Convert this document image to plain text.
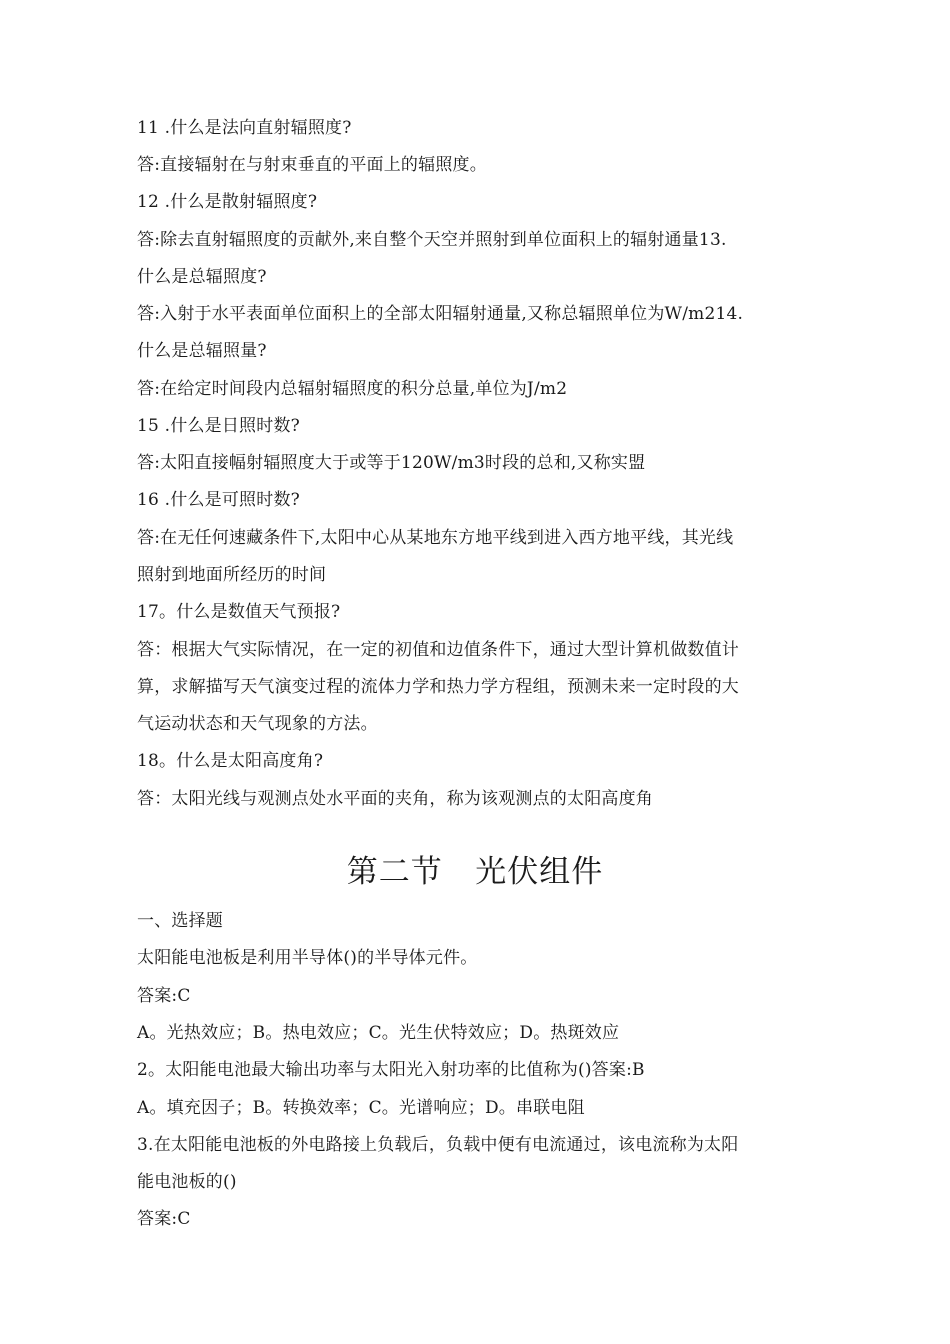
11 .什么是法向直射辐照度?
答:直接辐射在与射束垂直的平面上的辐照度。
12 .什么是散射辐照度?
答:除去直射辐照度的贡献外,来自整个天空并照射到单位面积上的辐射通量13.
什么是总辐照度?
答:入射于水平表面单位面积上的全部太阳辐射通量,又称总辐照单位为W/m214.
什么是总辐照量?
答:在给定时间段内总辐射辐照度的积分总量,单位为J/m2
15 .什么是日照时数?
答:太阳直接幅射辐照度大于或等于120W/m3时段的总和,又称实盟
16 .什么是可照时数?
答:在无任何速藏条件下,太阳中心从某地东方地平线到进入西方地平线，其光线
照射到地面所经历的时间
17。什么是数值天气预报?
答：根据大气实际情况，在一定的初值和边值条件下，通过大型计算机做数值计
算，求解描写天气演变过程的流体力学和热力学方程组，预测未来一定时段的大
气运动状态和天气现象的方法。
18。什么是太阳高度角?
答：太阳光线与观测点处水平面的夹角，称为该观测点的太阳高度角
第二节   光伏组件
一、选择题
太阳能电池板是利用半导体()的半导体元件。
答案:C
A。光热效应；B。热电效应；C。光生伏特效应；D。热斑效应
2。太阳能电池最大输出功率与太阳光入射功率的比值称为()答案:B
A。填充因子；B。转换效率；C。光谱响应；D。串联电阻
3.在太阳能电池板的外电路接上负载后，负载中便有电流通过，该电流称为太阳
能电池板的()
答案:C
